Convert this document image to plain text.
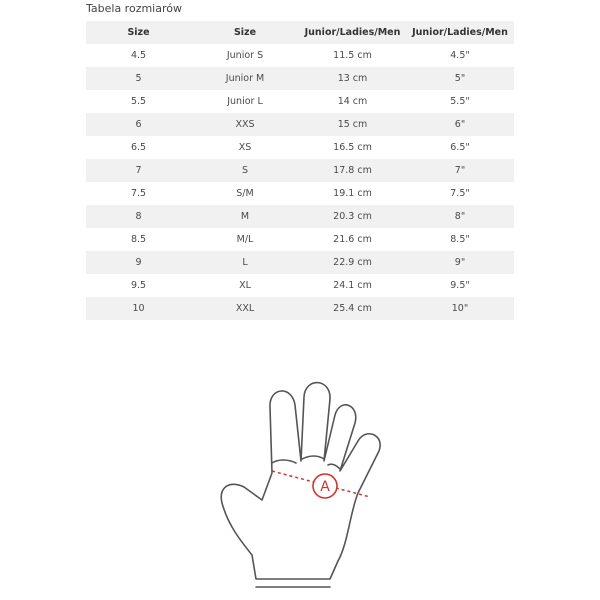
Tabela rozmiarów
Size	Size	Junior/Ladies/Men	Junior/Ladies/Men
4.5	Junior S	11.5 cm	4.5"
5	Junior M	13 cm	5"
5.5	Junior L	14 cm	5.5"
6	XXS	15 cm	6"
6.5	XS	16.5 cm	6.5"
7	S	17.8 cm	7"
7.5	S/M	19.1 cm	7.5"
8	M	20.3 cm	8"
8.5	M/L	21.6 cm	8.5"
9	L	22.9 cm	9"
9.5	XL	24.1 cm	9.5"
10	XXL	25.4 cm	10"
A
